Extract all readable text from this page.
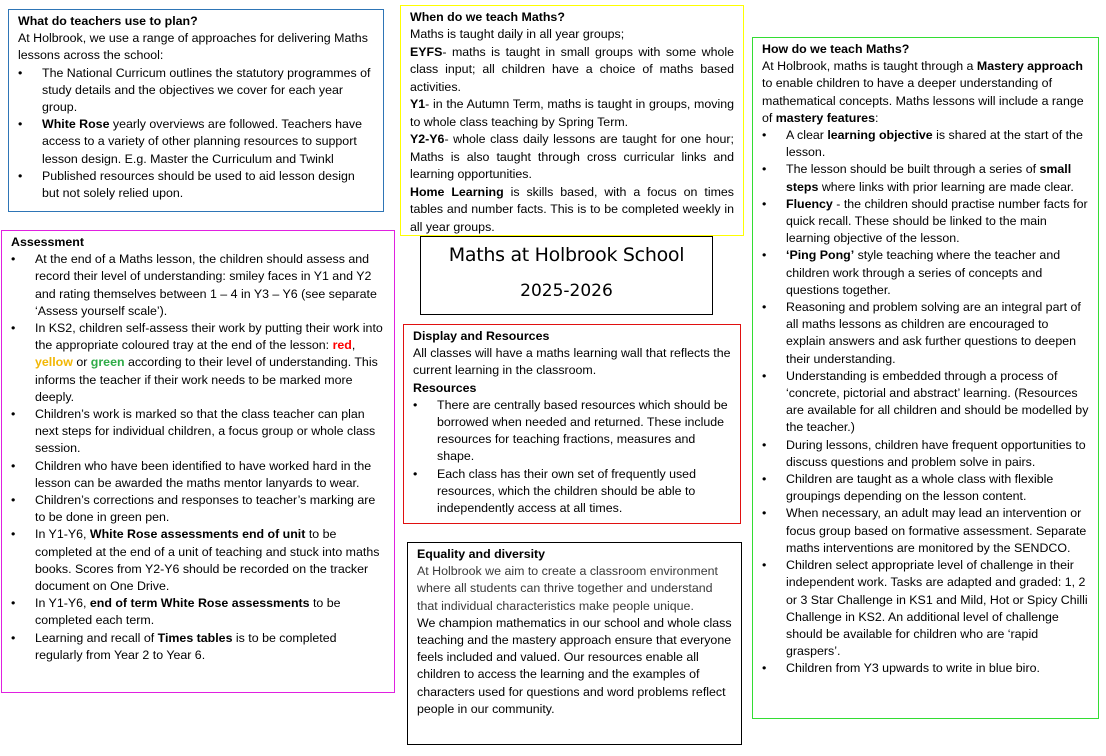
What do teachers use to plan?

At Holbrook, we use a range of approaches for delivering Maths lessons across the school:

•	The National Curricum outlines the statutory programmes of study details and the objectives we cover for each year group.
•	White Rose yearly overviews are followed. Teachers have access to a variety of other planning resources to support lesson design. E.g. Master the Curriculum and Twinkl
•	Published resources should be used to aid lesson design but not solely relied upon.
When do we teach Maths?

Maths is taught daily in all year groups;

EYFS- maths is taught in small groups with some whole class input; all children have a choice of maths based activities.

Y1- in the Autumn Term, maths is taught in groups, moving to whole class teaching by Spring Term.

Y2-Y6- whole class daily lessons are taught for one hour; Maths is also taught through cross curricular links and learning opportunities.

Home Learning is skills based, with a focus on times tables and number facts. This is to be completed weekly in all year groups.

How do we teach Maths?

At Holbrook, maths is taught through a Mastery approach to enable children to have a deeper understanding of mathematical concepts. Maths lessons will include a range of mastery features:

•	A clear learning objective is shared at the start of the lesson.
•	The lesson should be built through a series of small steps where links with prior learning are made clear.
•	Fluency - the children should practise number facts for quick recall. These should be linked to the main learning objective of the lesson.
•	‘Ping Pong’ style teaching where the teacher and children work through a series of concepts and questions together.
•	Reasoning and problem solving are an integral part of all maths lessons as children are encouraged to explain answers and ask further questions to deepen their understanding.
•	Understanding is embedded through a process of ‘concrete, pictorial and abstract’ learning. (Resources are available for all children and should be modelled by the teacher.)
•	During lessons, children have frequent opportunities to discuss questions and problem solve in pairs.
•	Children are taught as a whole class with flexible groupings depending on the lesson content.
•	When necessary, an adult may lead an intervention or focus group based on formative assessment. Separate maths interventions are monitored by the SENDCO.
•	Children select appropriate level of challenge in their independent work. Tasks are adapted and graded: 1, 2 or 3 Star Challenge in KS1 and Mild, Hot or Spicy Chilli Challenge in KS2. An additional level of challenge should be available for children who are ‘rapid graspers’.
•	Children from Y3 upwards to write in blue biro.
Assessment
•	At the end of a Maths lesson, the children should assess and record their level of understanding: smiley faces in Y1 and Y2 and rating themselves between 1 – 4 in Y3 – Y6 (see separate ‘Assess yourself scale’).
•	In KS2, children self-assess their work by putting their work into the appropriate coloured tray at the end of the lesson: red, yellow or green according to their level of understanding. This informs the teacher if their work needs to be marked more deeply.
•	Children’s work is marked so that the class teacher can plan next steps for individual children, a focus group or whole class session.
•	Children who have been identified to have worked hard in the lesson can be awarded the maths mentor lanyards to wear.
•	Children’s corrections and responses to teacher’s marking are to be done in green pen.
•	In Y1-Y6, White Rose assessments end of unit to be completed at the end of a unit of teaching and stuck into maths books. Scores from Y2-Y6 should be recorded on the tracker document on One Drive.
•	In Y1-Y6, end of term White Rose assessments to be completed each term.
•	Learning and recall of Times tables is to be completed regularly from Year 2 to Year 6.
Maths at Holbrook School
2025-2026
Display and Resources

All classes will have a maths learning wall that reflects the current learning in the classroom.

Resources
•	There are centrally based resources which should be borrowed when needed and returned. These include resources for teaching fractions, measures and shape.
•	Each class has their own set of frequently used resources, which the children should be able to independently access at all times.
Equality and diversity

At Holbrook we aim to create a classroom environment where all students can thrive together and understand that individual characteristics make people unique.

We champion mathematics in our school and whole class teaching and the mastery approach ensure that everyone feels included and valued. Our resources enable all children to access the learning and the examples of characters used for questions and word problems reflect people in our community.
